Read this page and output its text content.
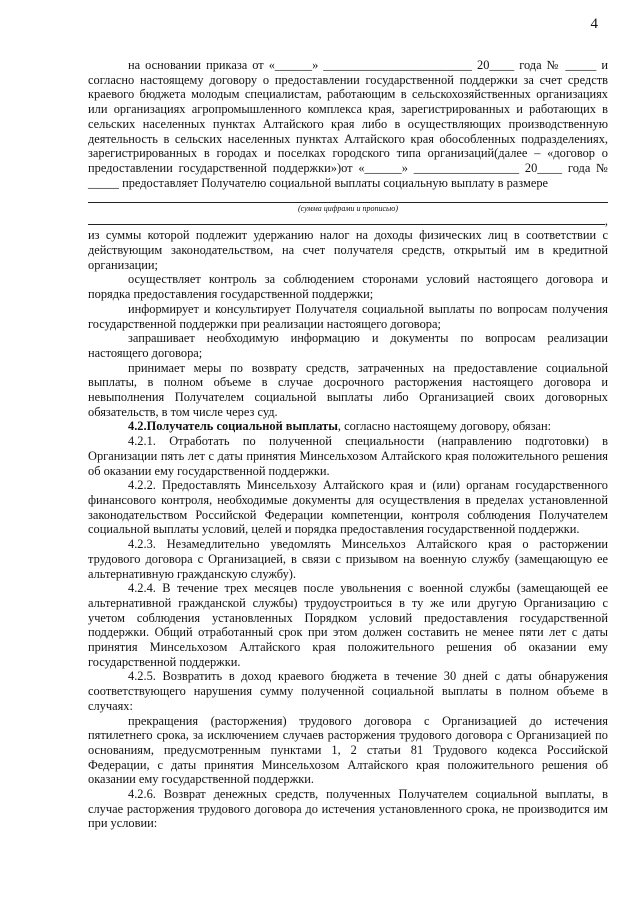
4

на основании приказа от «______» ________________________ 20____ года № _____ и согласно настоящему договору о предоставлении государственной поддержки за счет средств краевого бюджета молодым специалистам, работающим в сельскохозяйственных организациях или организациях агропромышленного комплекса края, зарегистрированных и работающих в сельских населенных пунктах Алтайского края либо в осуществляющих производственную деятельность в сельских населенных пунктах Алтайского края обособленных подразделениях, зарегистрированных в городах и поселках городского типа организаций(далее – «договор о предоставлении государственной поддержки»)от «______» _________________ 20____ года № _____ предоставляет Получателю социальной выплаты социальную выплату в размере

(сумма цифрами и прописью)
,

из суммы которой подлежит удержанию налог на доходы физических лиц в соответствии с действующим законодательством, на счет получателя средств, открытый им в кредитной организации;

осуществляет контроль за соблюдением сторонами условий настоящего договора и порядка предоставления государственной поддержки;

информирует и консультирует Получателя социальной выплаты по вопросам получения государственной поддержки при реализации настоящего договора;

запрашивает необходимую информацию и документы по вопросам реализации настоящего договора;

принимает меры по возврату средств, затраченных на предоставление социальной выплаты, в полном объеме в случае досрочного расторжения настоящего договора и невыполнения Получателем социальной выплаты либо Организацией своих договорных обязательств, в том числе через суд.

4.2.Получатель социальной выплаты, согласно настоящему договору, обязан:

4.2.1. Отработать по полученной специальности (направлению подготовки) в Организации пять лет с даты принятия Минсельхозом Алтайского края положительного решения об оказании ему государственной поддержки.

4.2.2. Предоставлять Минсельхозу Алтайского края и (или) органам государственного финансового контроля, необходимые документы для осуществления в пределах установленной законодательством Российской Федерации компетенции, контроля соблюдения Получателем социальной выплаты условий, целей и порядка предоставления государственной поддержки.

4.2.3. Незамедлительно уведомлять Минсельхоз Алтайского края о расторжении трудового договора с Организацией, в связи с призывом на военную службу (замещающую ее альтернативную гражданскую службу).

4.2.4. В течение трех месяцев после увольнения с военной службы (замещающей ее альтернативной гражданской службы) трудоустроиться в ту же или другую Организацию с учетом соблюдения установленных Порядком условий предоставления государственной поддержки. Общий отработанный срок при этом должен составить не менее пяти лет с даты принятия Минсельхозом Алтайского края положительного решения об оказании ему государственной поддержки.

4.2.5. Возвратить в доход краевого бюджета в течение 30 дней с даты обнаружения соответствующего нарушения сумму полученной социальной выплаты в полном объеме в случаях:

прекращения (расторжения) трудового договора с Организацией до истечения пятилетнего срока, за исключением случаев расторжения трудового договора с Организацией по основаниям, предусмотренным пунктами 1, 2 статьи 81 Трудового кодекса Российской Федерации, с даты принятия Минсельхозом Алтайского края положительного решения об оказании ему государственной поддержки.

4.2.6. Возврат денежных средств, полученных Получателем социальной выплаты, в случае расторжения трудового договора до истечения установленного срока, не производится им при условии:
